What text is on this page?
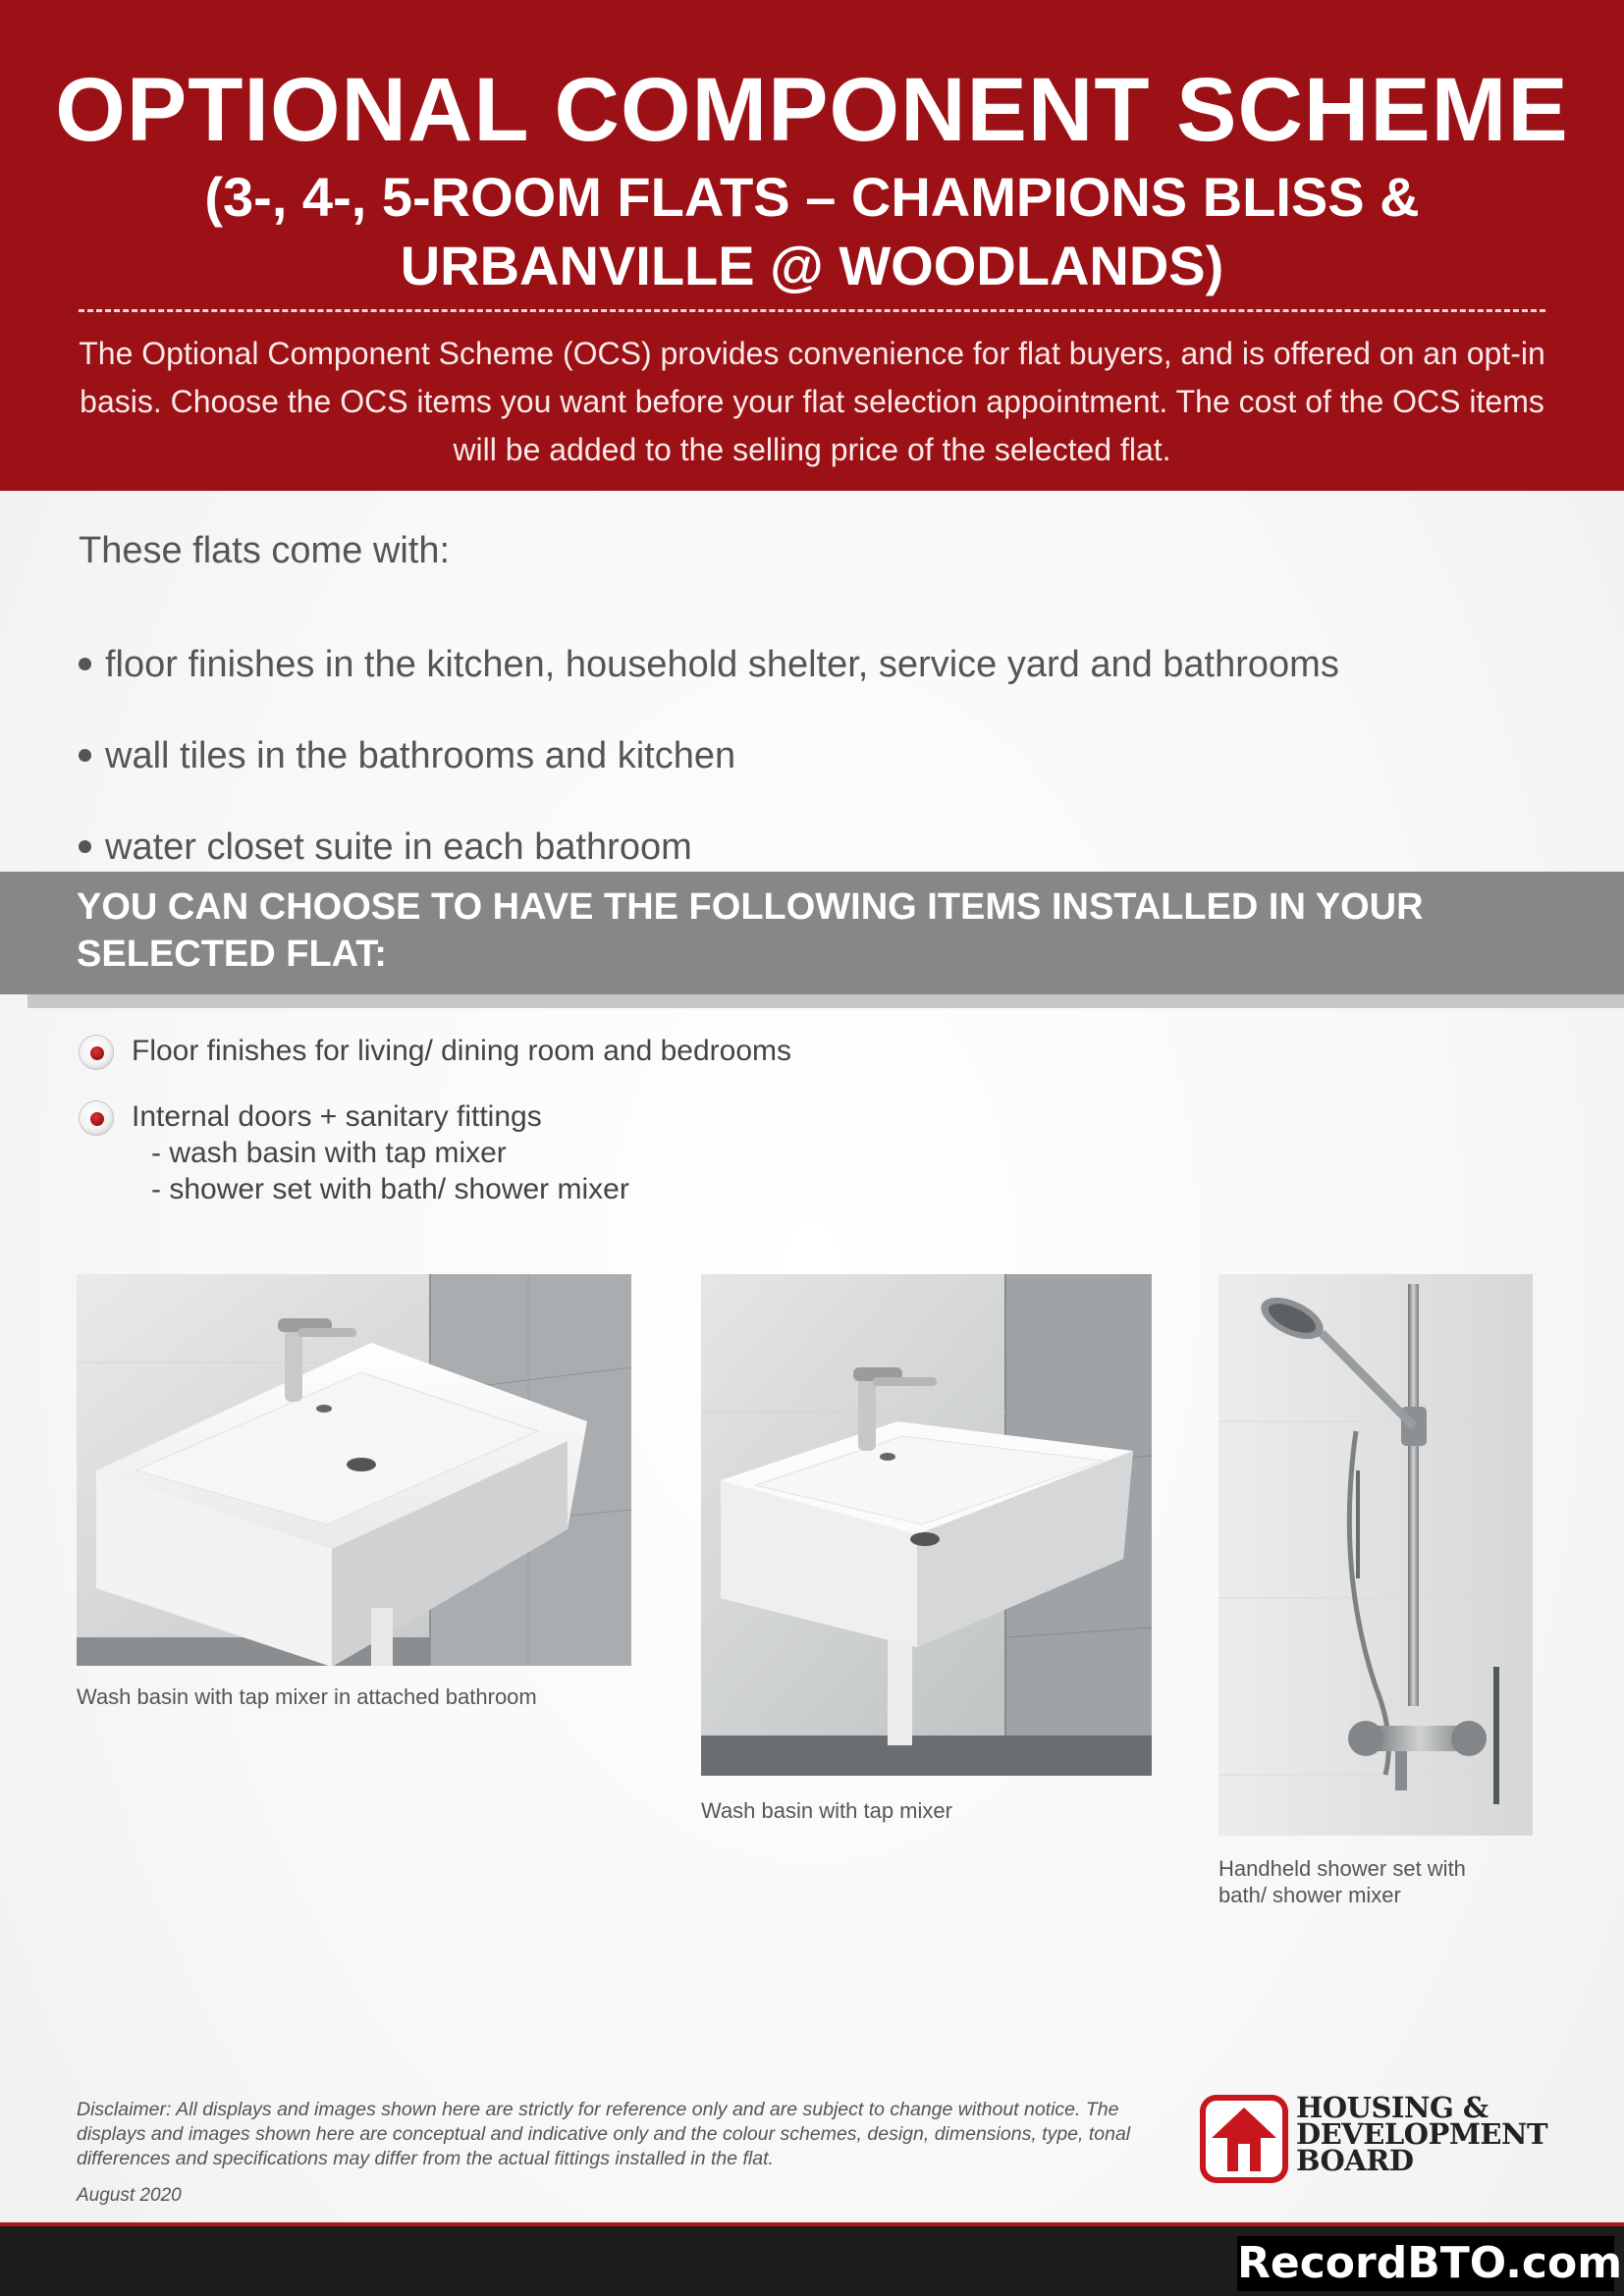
OPTIONAL COMPONENT SCHEME
(3-, 4-, 5-ROOM FLATS – CHAMPIONS BLISS & URBANVILLE @ WOODLANDS)
The Optional Component Scheme (OCS) provides convenience for flat buyers, and is offered on an opt-in basis. Choose the OCS items you want before your flat selection appointment. The cost of the OCS items will be added to the selling price of the selected flat.
These flats come with:
floor finishes in the kitchen, household shelter, service yard and bathrooms
wall tiles in the bathrooms and kitchen
water closet suite in each bathroom
YOU CAN CHOOSE TO HAVE THE FOLLOWING ITEMS INSTALLED IN YOUR SELECTED FLAT:
Floor finishes for living/ dining room and bedrooms
Internal doors + sanitary fittings
- wash basin with tap mixer
- shower set with bath/ shower mixer
Wash basin with tap mixer in attached bathroom
Wash basin with tap mixer
Handheld shower set with bath/ shower mixer
Disclaimer: All displays and images shown here are strictly for reference only and are subject to change without notice. The displays and images shown here are conceptual and indicative only and the colour schemes, design, dimensions, type, tonal differences and specifications may differ from the actual fittings installed in the flat.
August 2020
HOUSING &
DEVELOPMENT
BOARD
RecordBTO.com
